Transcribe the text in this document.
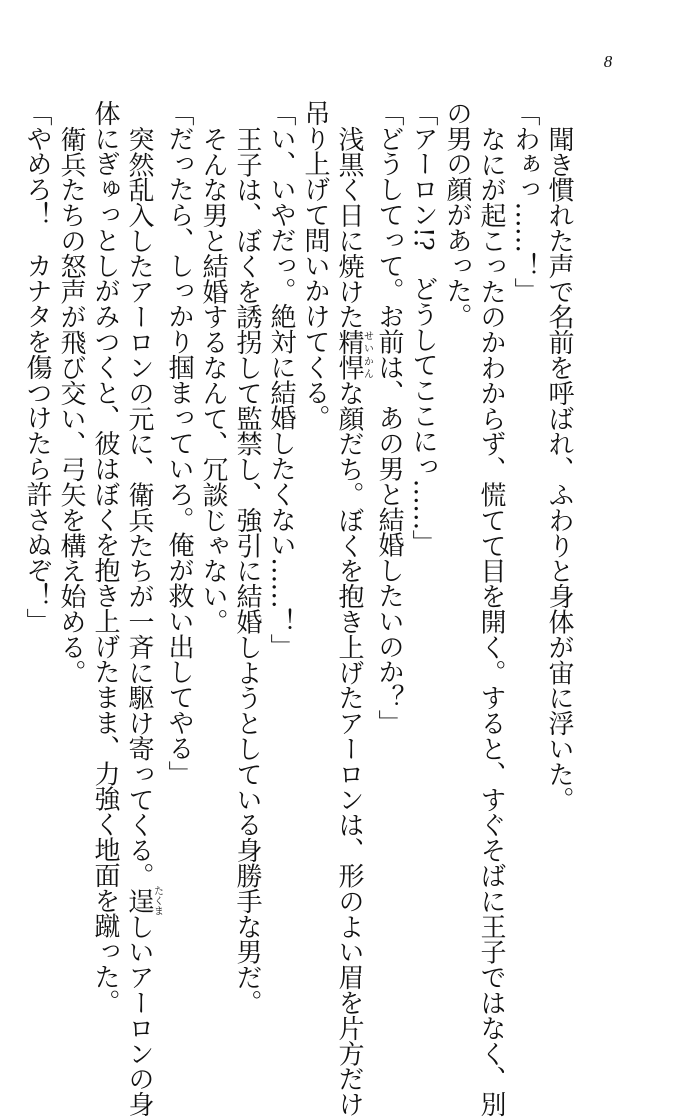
8

聞き慣れた声で名前を呼ばれ、ふわりと身体が宙に浮いた。

「わぁっ……！」

なにが起こったのかわからず、慌てて目を開く。すると、すぐそばに王子ではなく、別

の男の顔があった。

「アーロン!?　どうしてここにっ……」

「どうしてって。お前は、あの男と結婚したいのか？」

浅黒く日に焼けた精悍せいかんな顔だち。ぼくを抱き上げたアーロンは、形のよい眉を片方だけ

吊り上げて問いかけてくる。

「い、いやだっ。絶対に結婚したくない……！」

王子は、ぼくを誘拐して監禁し、強引に結婚しようとしている身勝手な男だ。

そんな男と結婚するなんて、冗談じゃない。

「だったら、しっかり掴まっていろ。俺が救い出してやる」

突然乱入したアーロンの元に、衛兵たちが一斉に駆け寄ってくる。逞たくましいアーロンの身

体にぎゅっとしがみつくと、彼はぼくを抱き上げたまま、力強く地面を蹴った。

衛兵たちの怒声が飛び交い、弓矢を構え始める。

「やめろ！　カナタを傷つけたら許さぬぞ！」
